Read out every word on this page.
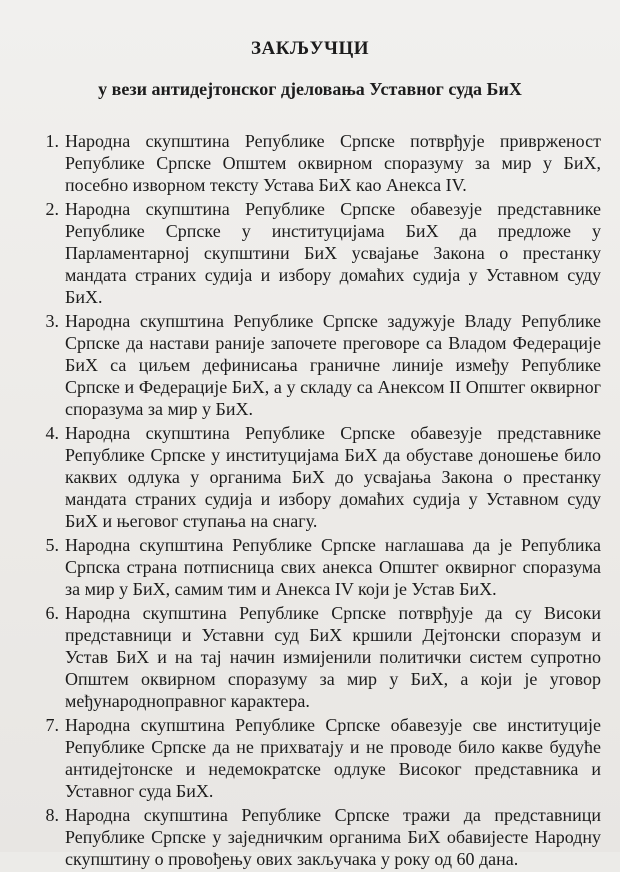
ЗАКЉУЧЦИ
у вези антидејтонског дјеловања Уставног суда БиХ
1. Народна скупштина Републике Српске потврђује привржeност Републике Српске Општем оквирном споразуму за мир у БиХ, посебно изворном тексту Устава БиХ као Анекса IV.
2. Народна скупштина Републике Српске обавезује представнике Републике Српске у институцијама БиХ да предложе у Парламентарној скупштини БиХ усвајање Закона о престанку мандата страних судија и избору домаћих судија у Уставном суду БиХ.
3. Народна скупштина Републике Српске задужује Владу Републике Српске да настави раније започете преговоре са Владом Федерације БиХ са циљем дефинисања граничне линије између Републике Српске и Федерације БиХ, а у складу са Анексом II Општег оквирног споразума за мир у БиХ.
4. Народна скупштина Републике Српске обавезује представнике Републике Српске у институцијама БиХ да обуставе доношење било каквих одлука у органима БиХ до усвајања Закона о престанку мандата страних судија и избору домаћих судија у Уставном суду БиХ и његовог ступања на снагу.
5. Народна скупштина Републике Српске наглашава да је Република Српска страна потписница свих анекса Општег оквирног споразума за мир у БиХ, самим тим и Анекса IV који је Устав БиХ.
6. Народна скупштина Републике Српске потврђује да су Високи представници и Уставни суд БиХ кршили Дејтонски споразум и Устав БиХ и на тај начин измијенили политички систем супротно Општем оквирном споразуму за мир у БиХ, а који је уговор међународноправног карактера.
7. Народна скупштина Републике Српске обавезује све институције Републике Српске да не прихватају и не проводе било какве будуће антидејтонске и недемократске одлуке Високог представника и Уставног суда БиХ.
8. Народна скупштина Републике Српске тражи да представници Републике Српске у заједничким органима БиХ обавијесте Народну скупштину о провођењу ових закључака у року од 60 дана.
